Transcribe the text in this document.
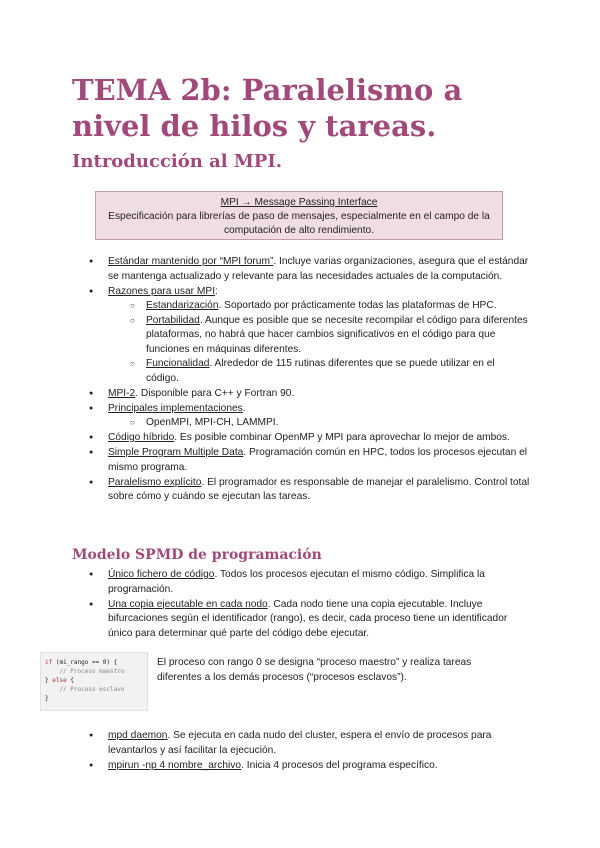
TEMA 2b: Paralelismo a nivel de hilos y tareas.
Introducción al MPI.
MPI → Message Passing Interface
Especificación para librerías de paso de mensajes, especialmente en el campo de la computación de alto rendimiento.
● Estándar mantenido por “MPI forum”. Incluye varias organizaciones, asegura que el estándar se mantenga actualizado y relevante para las necesidades actuales de la computación.
● Razones para usar MPI:
○ Estandarización. Soportado por prácticamente todas las plataformas de HPC.
○ Portabilidad. Aunque es posible que se necesite recompilar el código para diferentes plataformas, no habrá que hacer cambios significativos en el código para que funciones en máquinas diferentes.
○ Funcionalidad. Alrededor de 115 rutinas diferentes que se puede utilizar en el código.
● MPI-2. Disponible para C++ y Fortran 90.
● Principales implementaciones.
○ OpenMPI, MPI-CH, LAMMPI.
● Código híbrido. Es posible combinar OpenMP y MPI para aprovechar lo mejor de ambos.
● Simple Program Multiple Data. Programación común en HPC, todos los procesos ejecutan el mismo programa.
● Paralelismo explícito. El programador es responsable de manejar el paralelismo. Control total sobre cómo y cuándo se ejecutan las tareas.
Modelo SPMD de programación
● Único fichero de código. Todos los procesos ejecutan el mismo código. Simplifica la programación.
● Una copia ejecutable en cada nodo. Cada nodo tiene una copia ejecutable. Incluye bifurcaciones según el identificador (rango), es decir, cada proceso tiene un identificador único para determinar qué parte del código debe ejecutar.
if (mi_rango == 0) {
// Proceso maestro
} else {
// Proceso esclavo
}
El proceso con rango 0 se designa “proceso maestro” y realiza tareas diferentes a los demás procesos (“procesos esclavos”).
● mpd daemon. Se ejecuta en cada nudo del cluster, espera el envío de procesos para levantarlos y así facilitar la ejecución.
● mpirun -np 4 nombre_archivo. Inicia 4 procesos del programa específico.
